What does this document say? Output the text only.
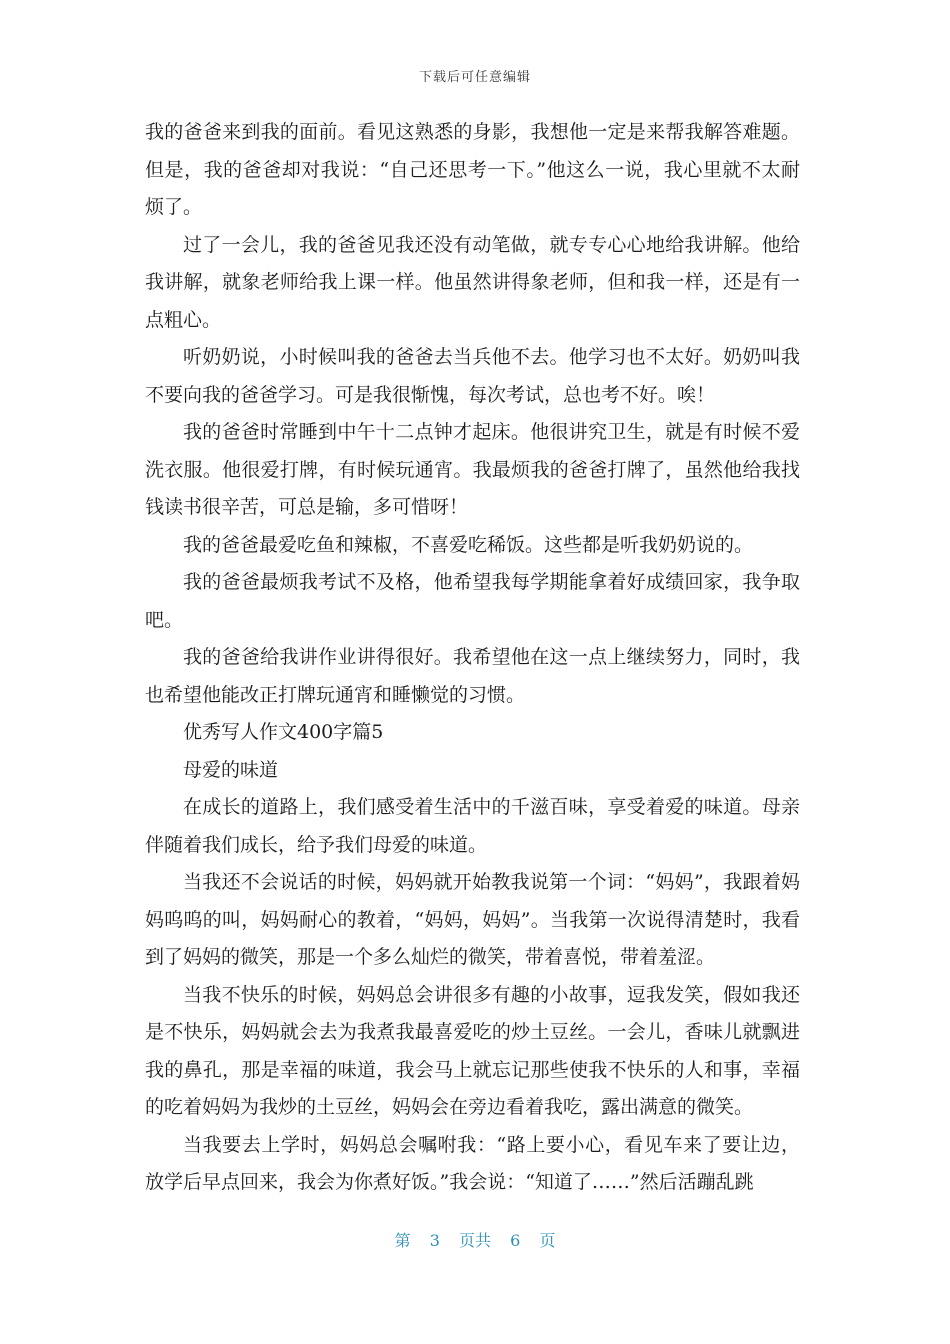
下载后可任意编辑

我的爸爸来到我的面前。看见这熟悉的身影，我想他一定是来帮我解答难题。但是，我的爸爸却对我说：“自己还思考一下。”他这么一说，我心里就不太耐烦了。

过了一会儿，我的爸爸见我还没有动笔做，就专专心心地给我讲解。他给我讲解，就象老师给我上课一样。他虽然讲得象老师，但和我一样，还是有一点粗心。

听奶奶说，小时候叫我的爸爸去当兵他不去。他学习也不太好。奶奶叫我不要向我的爸爸学习。可是我很惭愧，每次考试，总也考不好。唉！

我的爸爸时常睡到中午十二点钟才起床。他很讲究卫生，就是有时候不爱洗衣服。他很爱打牌，有时候玩通宵。我最烦我的爸爸打牌了，虽然他给我找钱读书很辛苦，可总是输，多可惜呀！

我的爸爸最爱吃鱼和辣椒，不喜爱吃稀饭。这些都是听我奶奶说的。

我的爸爸最烦我考试不及格，他希望我每学期能拿着好成绩回家，我争取吧。

我的爸爸给我讲作业讲得很好。我希望他在这一点上继续努力，同时，我也希望他能改正打牌玩通宵和睡懒觉的习惯。

优秀写人作文400字篇5

母爱的味道

在成长的道路上，我们感受着生活中的千滋百味，享受着爱的味道。母亲伴随着我们成长，给予我们母爱的味道。

当我还不会说话的时候，妈妈就开始教我说第一个词：“妈妈”，我跟着妈妈呜呜的叫，妈妈耐心的教着，“妈妈，妈妈”。当我第一次说得清楚时，我看到了妈妈的微笑，那是一个多么灿烂的微笑，带着喜悦，带着羞涩。

当我不快乐的时候，妈妈总会讲很多有趣的小故事，逗我发笑，假如我还是不快乐，妈妈就会去为我煮我最喜爱吃的炒土豆丝。一会儿，香味儿就飘进我的鼻孔，那是幸福的味道，我会马上就忘记那些使我不快乐的人和事，幸福的吃着妈妈为我炒的土豆丝，妈妈会在旁边看着我吃，露出满意的微笑。

当我要去上学时，妈妈总会嘱咐我：“路上要小心，看见车来了要让边，放学后早点回来，我会为你煮好饭。”我会说：“知道了……”然后活蹦乱跳

第 3 页共 6 页
